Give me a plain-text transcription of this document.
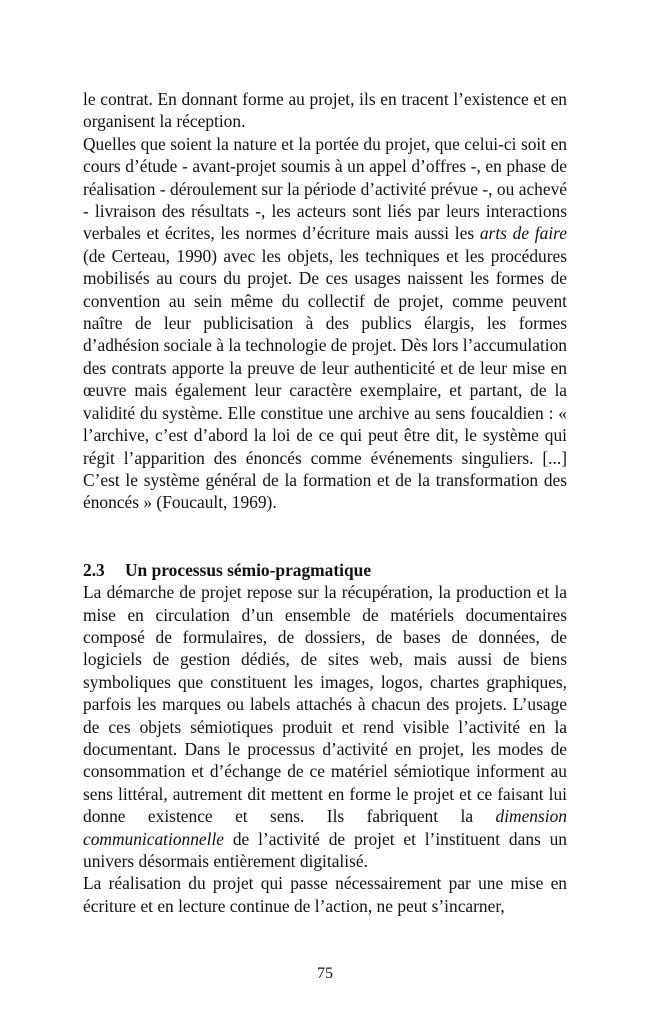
le contrat. En donnant forme au projet, ils en tracent l’existence et en organisent la réception.

Quelles que soient la nature et la portée du projet, que celui-ci soit en cours d’étude - avant-projet soumis à un appel d’offres -, en phase de réalisation - déroulement sur la période d’activité prévue -, ou achevé - livraison des résultats -, les acteurs sont liés par leurs interactions verbales et écrites, les normes d’écriture mais aussi les arts de faire (de Certeau, 1990) avec les objets, les techniques et les procédures mobilisés au cours du projet. De ces usages naissent les formes de convention au sein même du collectif de projet, comme peuvent naître de leur publicisation à des publics élargis, les formes d’adhésion sociale à la technologie de projet. Dès lors l’accumulation des contrats apporte la preuve de leur authenticité et de leur mise en œuvre mais également leur caractère exemplaire, et partant, de la validité du système. Elle constitue une archive au sens foucaldien : « l’archive, c’est d’abord la loi de ce qui peut être dit, le système qui régit l’apparition des énoncés comme événements singuliers. [...] C’est le système général de la formation et de la transformation des énoncés » (Foucault, 1969).

2.3 Un processus sémio-pragmatique

La démarche de projet repose sur la récupération, la production et la mise en circulation d’un ensemble de matériels documentaires composé de formulaires, de dossiers, de bases de données, de logiciels de gestion dédiés, de sites web, mais aussi de biens symboliques que constituent les images, logos, chartes graphiques, parfois les marques ou labels attachés à chacun des projets. L’usage de ces objets sémiotiques produit et rend visible l’activité en la documentant. Dans le processus d’activité en projet, les modes de consommation et d’échange de ce matériel sémiotique informent au sens littéral, autrement dit mettent en forme le projet et ce faisant lui donne existence et sens. Ils fabriquent la dimension communicationnelle de l’activité de projet et l’instituent dans un univers désormais entièrement digitalisé.

La réalisation du projet qui passe nécessairement par une mise en écriture et en lecture continue de l’action, ne peut s’incarner,

75
